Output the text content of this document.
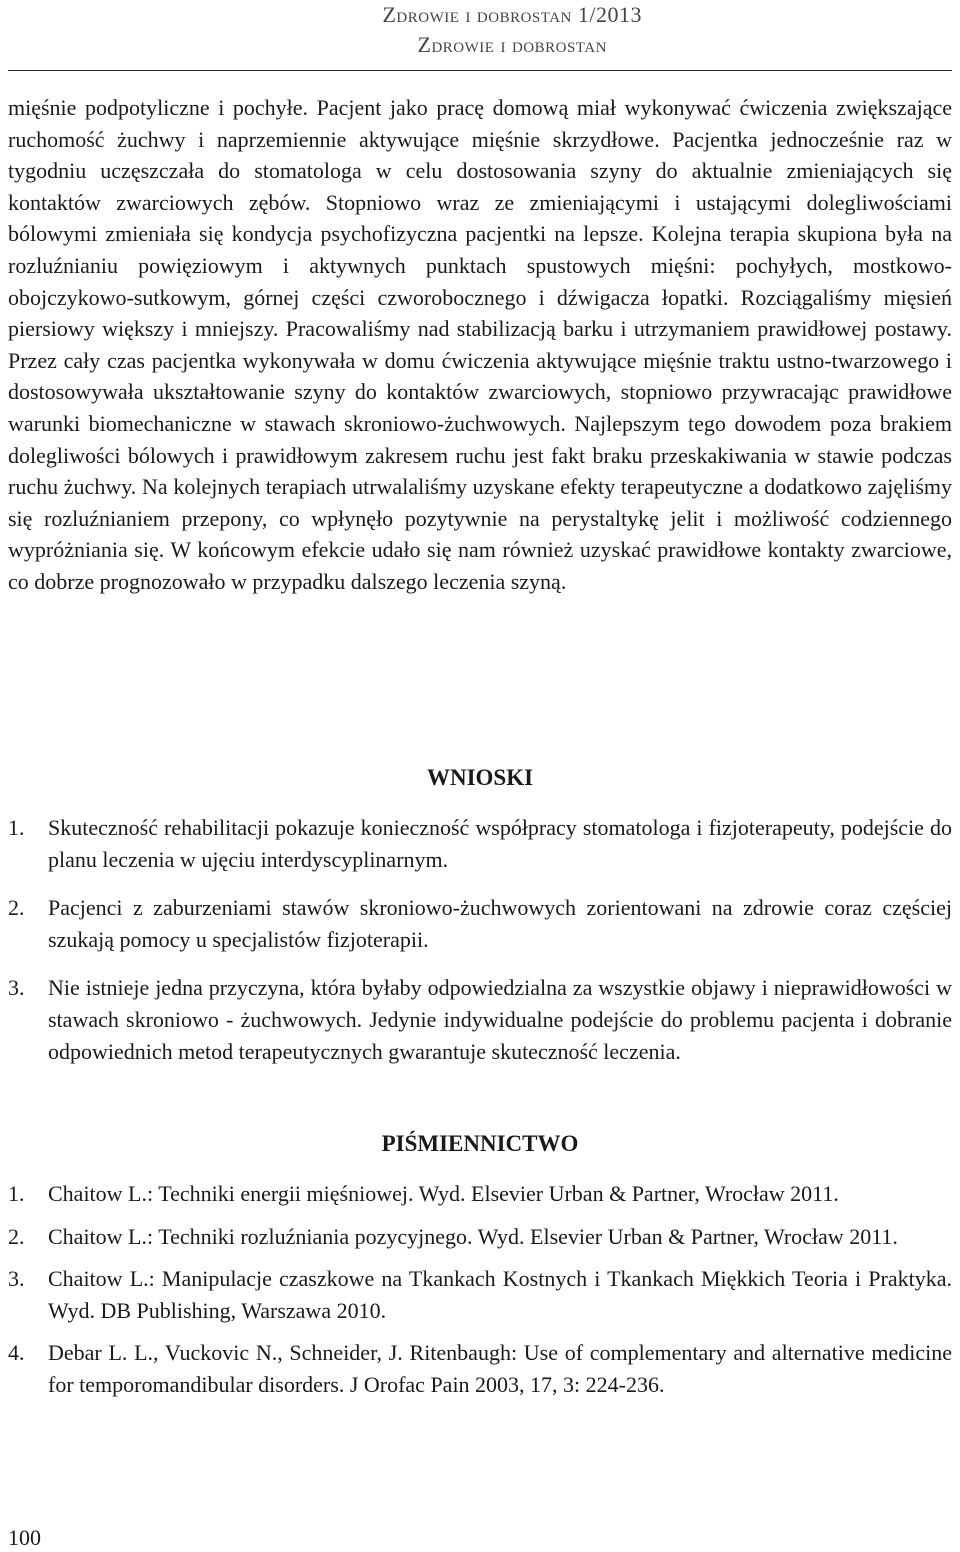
Zdrowie i dobrostan 1/2013
Zdrowie i dobrostan

mięśnie podpotyliczne i pochyłe. Pacjent jako pracę domową miał wykonywać ćwiczenia zwiększające ruchomość żuchwy i naprzemiennie aktywujące mięśnie skrzydłowe. Pacjentka jednocześnie raz w tygodniu uczęszczała do stomatologa w celu dostosowania szyny do aktualnie zmieniających się kontaktów zwarciowych zębów. Stopniowo wraz ze zmieniającymi i ustającymi dolegliwościami bólowymi zmieniała się kondycja psychofizyczna pacjentki na lepsze. Kolejna terapia skupiona była na rozluźnianiu powięziowym i aktywnych punktach spustowych mięśni: pochyłych, mostkowo-obojczykowo-sutkowym, górnej części czworobocznego i dźwigacza łopatki. Rozciągaliśmy mięsień piersiowy większy i mniejszy. Pracowaliśmy nad stabilizacją barku i utrzymaniem prawidłowej postawy. Przez cały czas pacjentka wykonywała w domu ćwiczenia aktywujące mięśnie traktu ustno-twarzowego i dostosowywała ukształtowanie szyny do kontaktów zwarciowych, stopniowo przywracając prawidłowe warunki biomechaniczne w stawach skroniowo-żuchwowych. Najlepszym tego dowodem poza brakiem dolegliwości bólowych i prawidłowym zakresem ruchu jest fakt braku przeskakiwania w stawie podczas ruchu żuchwy. Na kolejnych terapiach utrwalaliśmy uzyskane efekty terapeutyczne a dodatkowo zajęliśmy się rozluźnianiem przepony, co wpłynęło pozytywnie na perystaltykę jelit i możliwość codziennego wypróżniania się. W końcowym efekcie udało się nam również uzyskać prawidłowe kontakty zwarciowe, co dobrze prognozowało w przypadku dalszego leczenia szyną.

WNIOSKI
1.	Skuteczność rehabilitacji pokazuje konieczność współpracy stomatologa i fizjoterapeuty, podejście do planu leczenia w ujęciu interdyscyplinarnym.
2.	Pacjenci z zaburzeniami stawów skroniowo-żuchwowych zorientowani na zdrowie coraz częściej szukają pomocy u specjalistów fizjoterapii.
3.	Nie istnieje jedna przyczyna, która byłaby odpowiedzialna za wszystkie objawy i nieprawidłowości w stawach skroniowo - żuchwowych. Jedynie indywidualne podejście do problemu pacjenta i dobranie odpowiednich metod terapeutycznych gwarantuje skuteczność leczenia.
PIŚMIENNICTWO
1.	Chaitow L.: Techniki energii mięśniowej. Wyd. Elsevier Urban & Partner, Wrocław 2011.
2.	Chaitow L.: Techniki rozluźniania pozycyjnego. Wyd. Elsevier Urban & Partner, Wrocław 2011.
3.	Chaitow L.: Manipulacje czaszkowe na Tkankach Kostnych i Tkankach Miękkich Teoria i Praktyka. Wyd. DB Publishing, Warszawa 2010.
4.	Debar L. L., Vuckovic N., Schneider, J. Ritenbaugh: Use of complementary and alternative medicine for temporomandibular disorders. J Orofac Pain 2003, 17, 3: 224-236.
100
